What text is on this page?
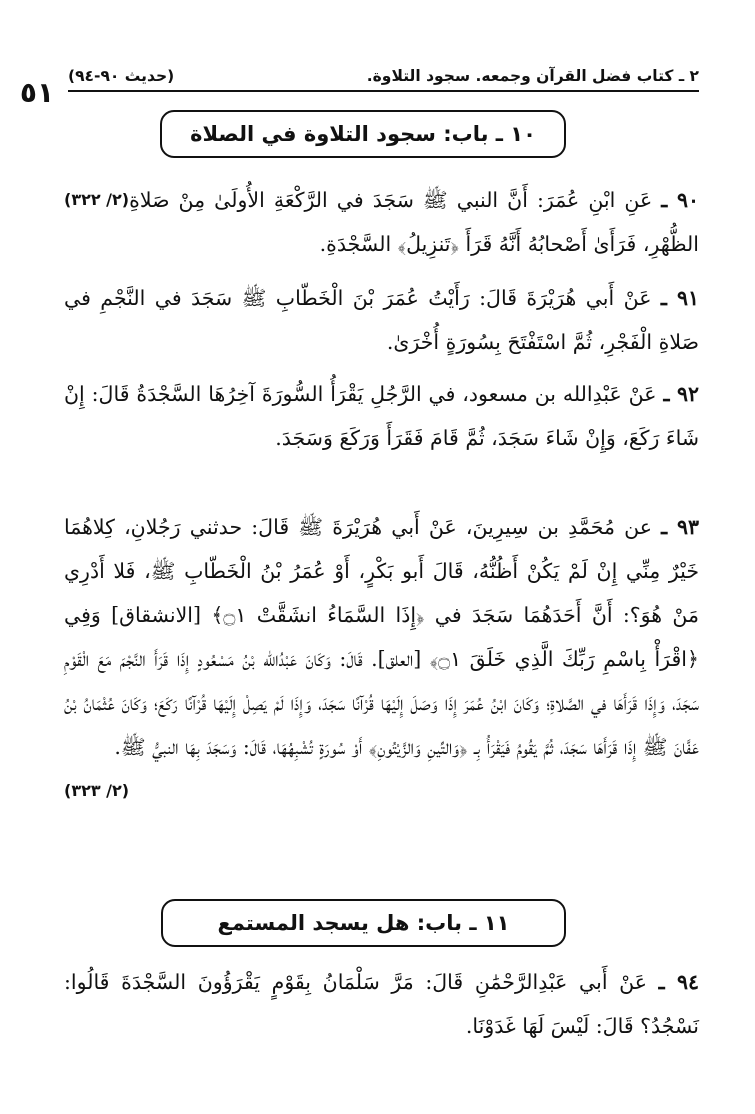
٥١	٢ ـ كتاب فضل القرآن وجمعه. سجود التلاوة.
(حديث ٩٠-٩٤)
١٠ ـ باب: سجود التلاوة في الصلاة
(٢/ ٣٢٢)	٩٠ ـ عَنِ ابْنِ عُمَرَ: أَنَّ النبي ﷺ سَجَدَ في الرَّكْعَةِ الأُولَىٰ مِنْ صَلاةِ الظُّهْرِ، فَرَأَىٰ أَصْحابُهُ أَنَّهُ قَرَأَ ﴿تَنزِيلُ﴾ السَّجْدَةِ.
٩١ ـ عَنْ أَبي هُرَيْرَةَ قَالَ: رَأَيْتُ عُمَرَ بْنَ الْخَطّابِ ﷺ سَجَدَ في النَّجْمِ في صَلاةِ الْفَجْرِ، ثُمَّ اسْتَفْتَحَ بِسُورَةٍ أُخْرَىٰ.
٩٢ ـ عَنْ عَبْدِالله بن مسعود، في الرَّجُلِ يَقْرَأُ السُّورَةَ آخِرُهَا السَّجْدَةُ قَالَ: إِنْ شَاءَ رَكَعَ، وَإِنْ شَاءَ سَجَدَ، ثُمَّ قَامَ فَقَرَأَ وَرَكَعَ وَسَجَدَ.
٩٣ ـ عن مُحَمَّدِ بن سِيرِينَ، عَنْ أَبي هُرَيْرَةَ ﷺ قَالَ: حدثني رَجُلانِ، كِلاهُمَا خَيْرٌ مِنِّي إِنْ لَمْ يَكُنْ أَظُنُّهُ، قَالَ أَبو بَكْرٍ، أَوْ عُمَرُ بْنُ الْخَطّابِ ﷺ، فَلا أَدْرِي مَنْ هُوَ؟: أَنَّ أَحَدَهُمَا سَجَدَ في ﴿إِذَا السَّمَاءُ انشَقَّتْ ۝١﴾ [الانشقاق] وَفِي ﴿اقْرَأْ بِاسْمِ رَبِّكَ الَّذِي خَلَقَ ۝١﴾ [العلق]. قَالَ: وَكَانَ عَبْدُالله بْنُ مَسْعُودٍ إِذَا قَرَأَ النَّجْمَ مَعَ الْقَوْمِ سَجَدَ، وَإِذَا قَرَأَهَا في الصَّلاةِ؛ وَكَانَ ابْنُ عُمَرَ إِذَا وَصَلَ إِلَيْهَا قُرْآنًا سَجَدَ، وَإِذَا لَمْ يَصِلْ إِلَيْهَا قُرْآنًا رَكَعَ؛ وَكَانَ عُثْمَانُ بْنُ عَفَّانَ ﷺ إِذَا قَرَأَهَا سَجَدَ، ثُمَّ يَقُومُ فَيَقْرَأُ بِـ ﴿وَالتِّينِ وَالزَّيْتُونِ﴾ أَوْ سُورَةٍ تُشْبِهُهَا، قَالَ: وَسَجَدَ بِهَا النبيُّ ﷺ.
(٢/ ٣٢٣)
١١ ـ باب: هل يسجد المستمع
٩٤ ـ عَنْ أَبي عَبْدِالرَّحْمَٰنِ قَالَ: مَرَّ سَلْمَانُ بِقَوْمٍ يَقْرَؤُونَ السَّجْدَةَ قَالُوا: نَسْجُدُ؟ قَالَ: لَيْسَ لَهَا غَدَوْنَا.
